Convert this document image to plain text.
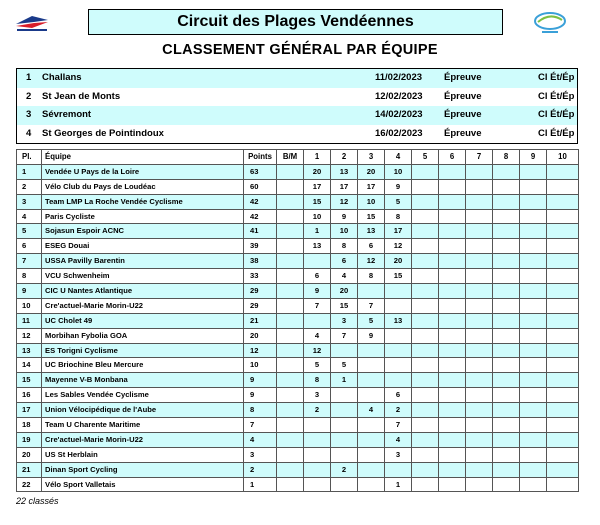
Circuit des Plages Vendéennes
CLASSEMENT GÉNÉRAL PAR ÉQUIPE
1 Challans	11/02/2023 Épreuve	Cl Ét/Ép
2 St Jean de Monts	12/02/2023 Épreuve	Cl Ét/Ép
3 Sévremont	14/02/2023 Épreuve	Cl Ét/Ép
4 St Georges de Pointindoux	16/02/2023 Épreuve	Cl Ét/Ép
Pl.	Équipe	Points	B/M	1	2	3	4	5	6	7	8	9	10
1	Vendée U Pays de la Loire	63		20	13	20	10						
2	Vélo Club du Pays de Loudéac	60		17	17	17	9						
3	Team LMP La Roche Vendée Cyclisme	42		15	12	10	5						
4	Paris Cycliste	42		10	9	15	8						
5	Sojasun Espoir ACNC	41		1	10	13	17						
6	ESEG Douai	39		13	8	6	12						
7	USSA Pavilly Barentin	38			6	12	20						
8	VCU Schwenheim	33		6	4	8	15						
9	CIC U Nantes Atlantique	29		9	20								
10	Cre'actuel-Marie Morin-U22	29		7	15	7							
11	UC Cholet 49	21			3	5	13						
12	Morbihan Fybolia GOA	20		4	7	9							
13	ES Torigni Cyclisme	12		12									
14	UC Briochine Bleu Mercure	10		5	5								
15	Mayenne V-B Monbana	9		8	1								
16	Les Sables Vendée Cyclisme	9		3			6						
17	Union Vélocipédique de l'Aube	8		2		4	2						
18	Team U Charente Maritime	7					7						
19	Cre'actuel-Marie Morin-U22	4					4						
20	US St Herblain	3					3						
21	Dinan Sport Cycling	2			2								
22	Vélo Sport Valletais	1					1						
22 classés
